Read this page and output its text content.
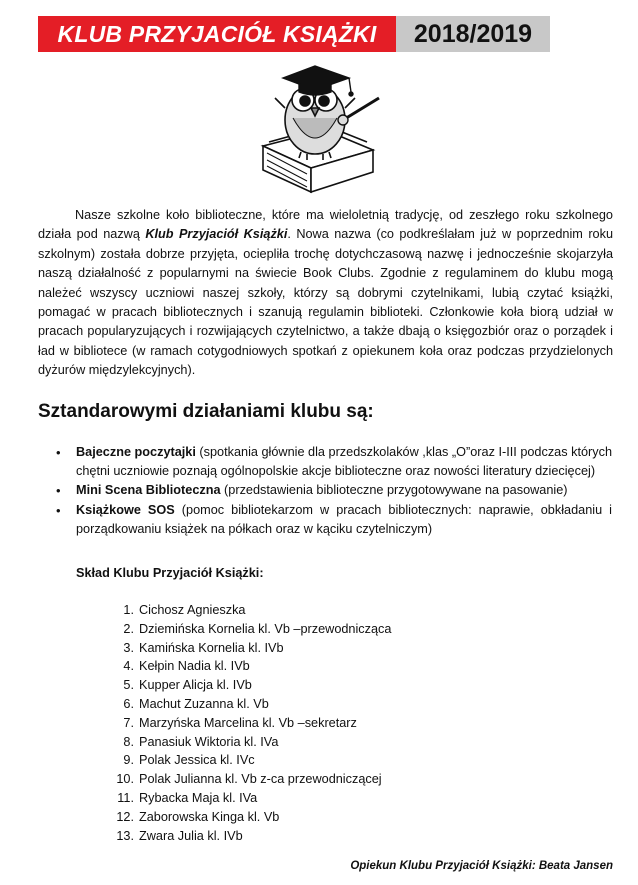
KLUB PRZYJACIÓŁ KSIĄŻKI	2018/2019

Nasze szkolne koło biblioteczne, które ma wieloletnią tradycję, od zeszłego roku szkolnego działa pod nazwą Klub Przyjaciół Książki. Nowa nazwa (co podkreślałam już w poprzednim roku szkolnym) została dobrze przyjęta, ociepliła trochę dotychczasową nazwę i jednocześnie skojarzyła naszą działalność z popularnymi na świecie Book Clubs. Zgodnie z regulaminem do klubu mogą należeć wszyscy uczniowi naszej szkoły, którzy są dobrymi czytelnikami, lubią czytać książki, pomagać w pracach bibliotecznych i szanują regulamin biblioteki. Członkowie koła biorą udział w pracach popularyzujących i rozwijających czytelnictwo, a także dbają o księgozbiór oraz o porządek i ład w bibliotece (w ramach cotygodniowych spotkań z opiekunem koła oraz podczas przydzielonych dyżurów międzylekcyjnych).

Sztandarowymi działaniami klubu są:
• Bajeczne poczytajki (spotkania głównie dla przedszkolaków ,klas „O”oraz I-III podczas których chętni uczniowie poznają ogólnopolskie akcje biblioteczne oraz nowości literatury dziecięcej)
• Mini Scena Biblioteczna (przedstawienia biblioteczne przygotowywane na pasowanie)
• Książkowe SOS (pomoc bibliotekarzom w pracach bibliotecznych: naprawie, obkładaniu i porządkowaniu książek na półkach oraz w kąciku czytelniczym)

Skład Klubu Przyjaciół Książki:

1. Cichosz Agnieszka
2. Dziemińska Kornelia kl. Vb –przewodnicząca
3. Kamińska Kornelia kl. IVb
4. Kełpin Nadia kl. IVb
5. Kupper Alicja kl. IVb
6. Machut Zuzanna kl. Vb
7. Marzyńska Marcelina kl. Vb –sekretarz
8. Panasiuk Wiktoria kl. IVa
9. Polak Jessica kl. IVc
10. Polak Julianna kl. Vb z-ca przewodniczącej
11. Rybacka Maja kl. IVa
12. Zaborowska Kinga kl. Vb
13. Zwara Julia kl. IVb

Opiekun Klubu Przyjaciół Książki: Beata Jansen
